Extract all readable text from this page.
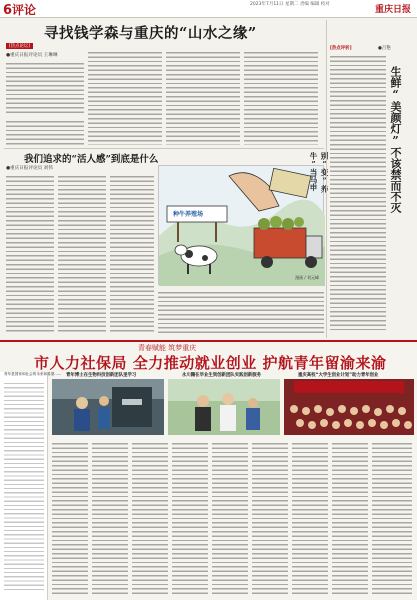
6评论	2023年7月11日 星期二 责编 编辑 校对
重庆日报
寻找钱学森与重庆的“山水之缘”
[热点论坛]
●重庆日报评论员 王琳琳
我们追求的“活人感”到底是什么
●重庆日报评论员 刘伟
种牛养殖场
漫画 / 刘元峰
别“变”养牛”当马申
[热点评析]	●吕艳
生鲜“美颜灯”不该禁而不灭
青春赋能 筑梦重庆
市人力社保局 全力推动就业创业 护航青年留渝来渝
青年是国家和社会的未来和希望…… 青年博士在生物科技创新团队里学习	永川籍在毕业生到创新团队实践创新服务	重庆高校“大学生创业计划”助力青年创业
